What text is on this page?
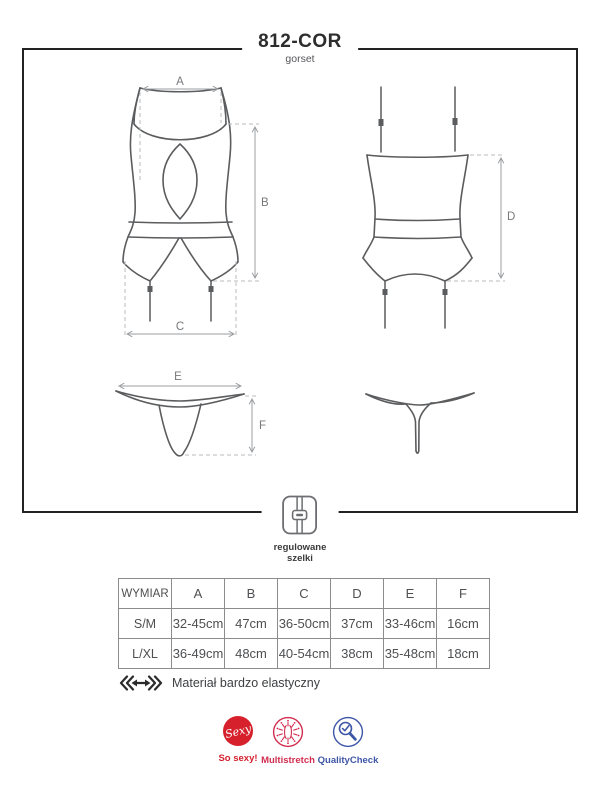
812-COR
gorset
A
B
C
D
E
F
regulowane
szelki
WYMIAR	A	B	C	D	E	F
S/M	32-45cm	47cm	36-50cm	37cm	33-46cm	16cm
L/XL	36-49cm	48cm	40-54cm	38cm	35-48cm	18cm
Materiał bardzo elastyczny
Sexy
So sexy! Multistretch QualityCheck
